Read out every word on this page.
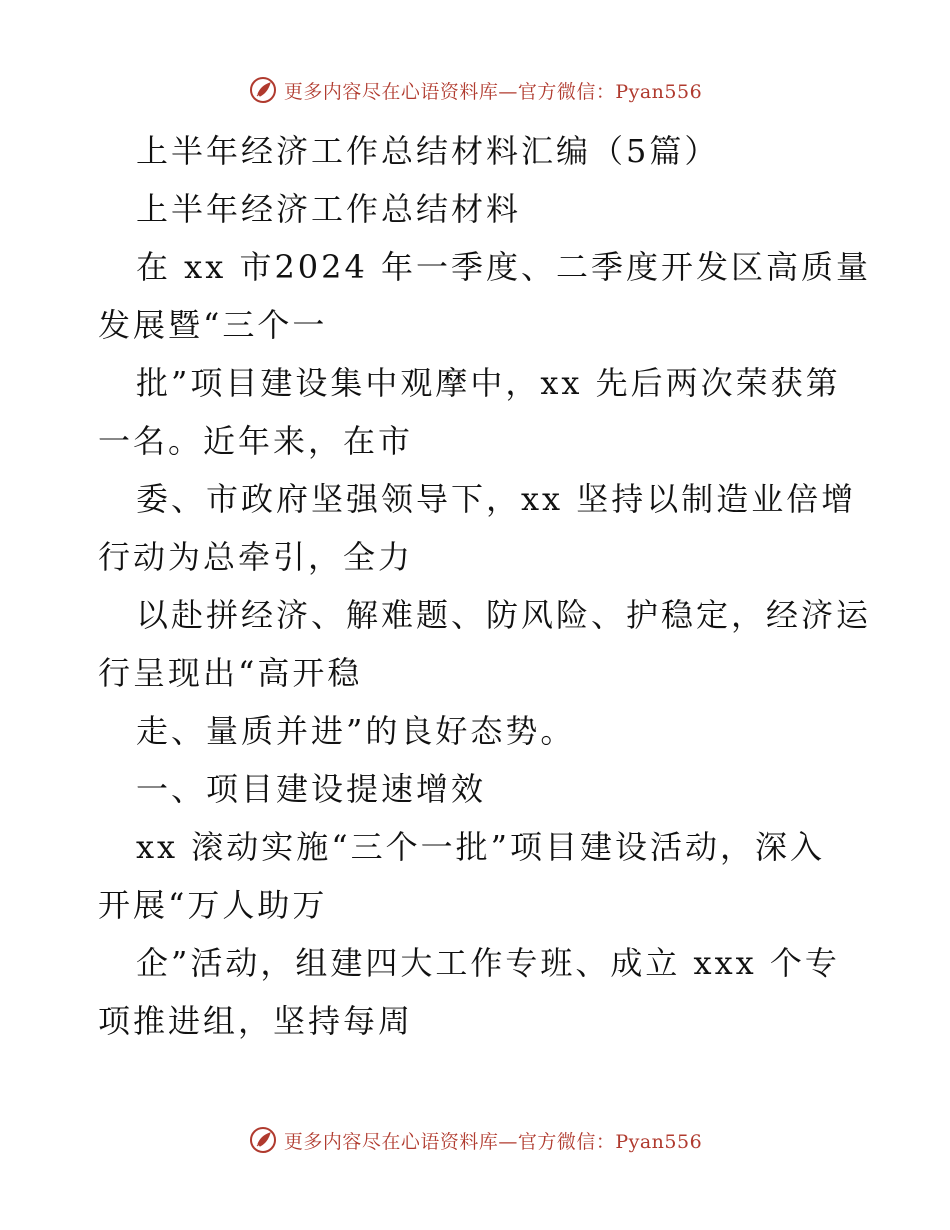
更多内容尽在心语资料库—官方微信：Pyan556
上半年经济工作总结材料汇编（5篇）
上半年经济工作总结材料
在 xx 市2024 年一季度、二季度开发区高质量
发展暨“三个一
批”项目建设集中观摩中，xx 先后两次荣获第
一名。近年来，在市
委、市政府坚强领导下，xx 坚持以制造业倍增
行动为总牵引，全力
以赴拼经济、解难题、防风险、护稳定，经济运
行呈现出“高开稳
走、量质并进”的良好态势。
一、项目建设提速增效
xx 滚动实施“三个一批”项目建设活动，深入
开展“万人助万
企”活动，组建四大工作专班、成立 xxx 个专
项推进组，坚持每周
更多内容尽在心语资料库—官方微信：Pyan556
